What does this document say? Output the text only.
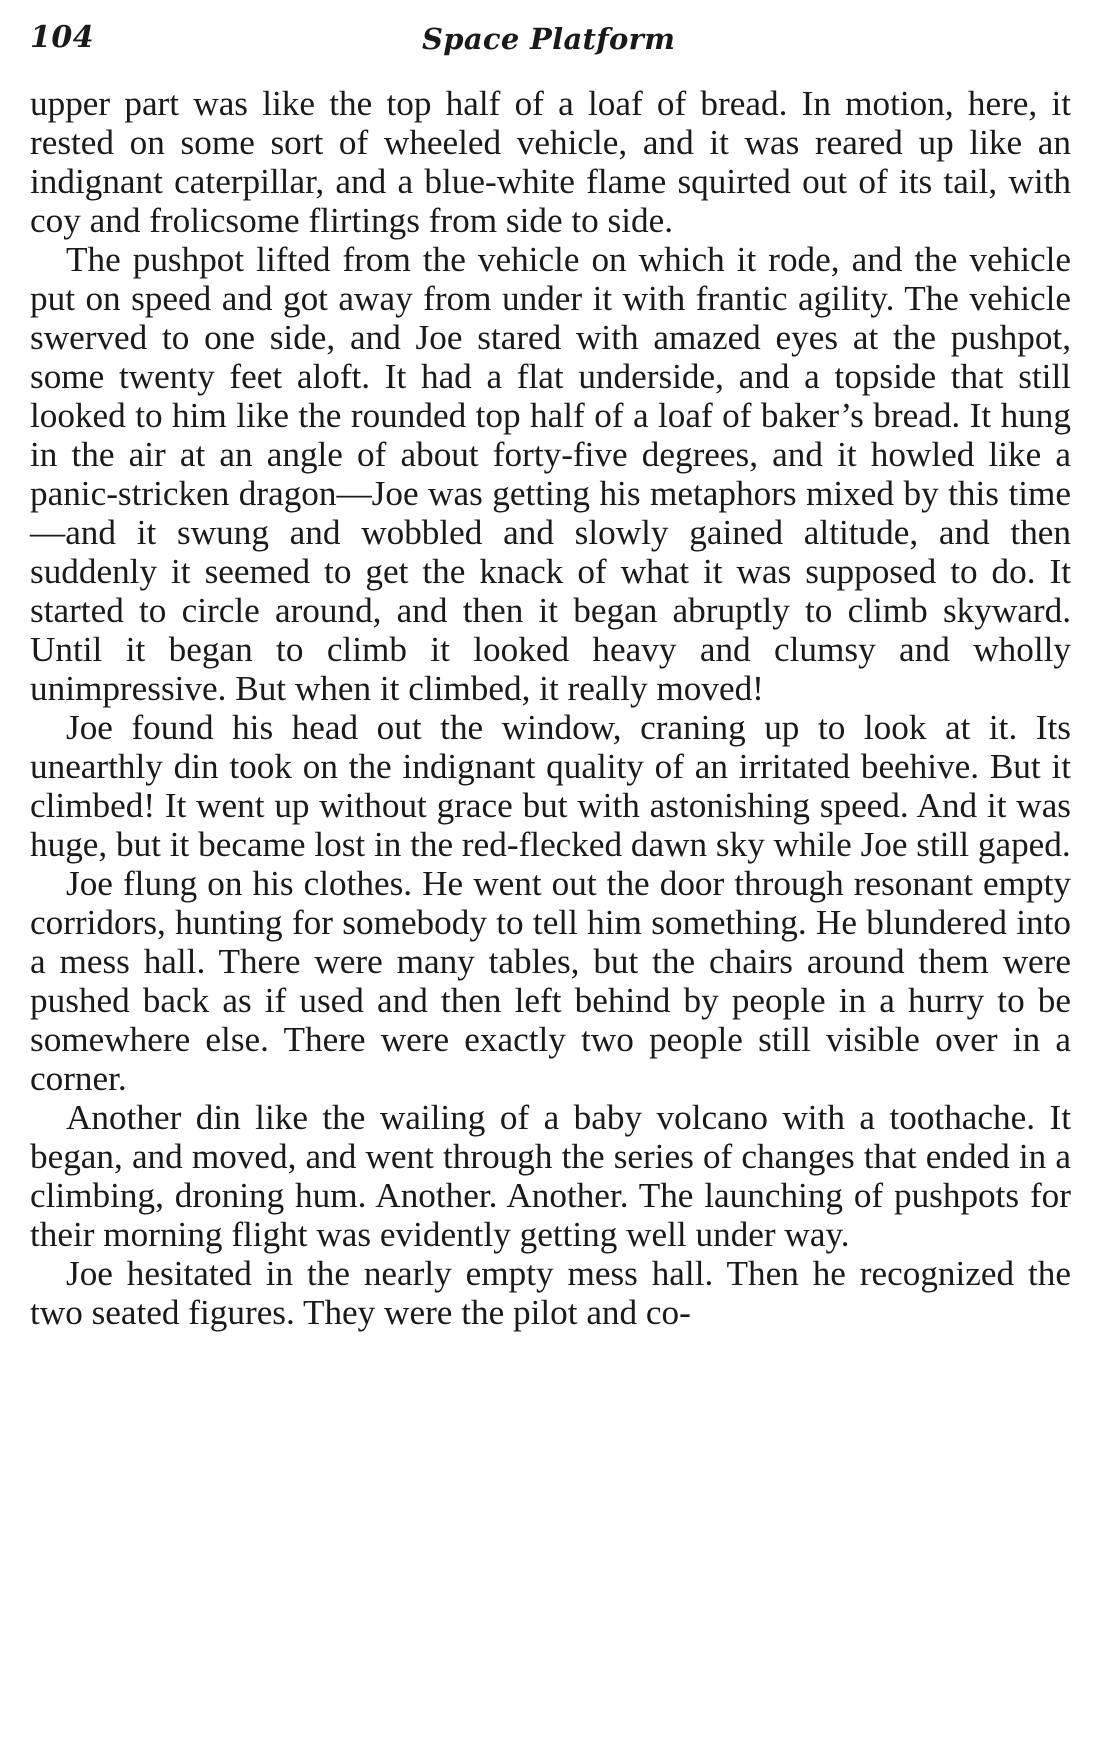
104	Space Platform

upper part was like the top half of a loaf of bread. In motion, here, it rested on some sort of wheeled vehicle, and it was reared up like an indignant caterpillar, and a blue-white flame squirted out of its tail, with coy and frolicsome flirtings from side to side.

The pushpot lifted from the vehicle on which it rode, and the vehicle put on speed and got away from under it with frantic agility. The vehicle swerved to one side, and Joe stared with amazed eyes at the pushpot, some twenty feet aloft. It had a flat underside, and a topside that still looked to him like the rounded top half of a loaf of baker’s bread. It hung in the air at an angle of about forty-five degrees, and it howled like a panic-stricken dragon—Joe was getting his metaphors mixed by this time—and it swung and wobbled and slowly gained altitude, and then suddenly it seemed to get the knack of what it was supposed to do. It started to circle around, and then it began abruptly to climb skyward. Until it began to climb it looked heavy and clumsy and wholly unimpressive. But when it climbed, it really moved!

Joe found his head out the window, craning up to look at it. Its unearthly din took on the indignant quality of an irritated beehive. But it climbed! It went up without grace but with astonishing speed. And it was huge, but it became lost in the red-flecked dawn sky while Joe still gaped.

Joe flung on his clothes. He went out the door through resonant empty corridors, hunting for somebody to tell him something. He blundered into a mess hall. There were many tables, but the chairs around them were pushed back as if used and then left behind by people in a hurry to be somewhere else. There were exactly two people still visible over in a corner.

Another din like the wailing of a baby volcano with a toothache. It began, and moved, and went through the series of changes that ended in a climbing, droning hum. Another. Another. The launching of pushpots for their morning flight was evidently getting well under way.

Joe hesitated in the nearly empty mess hall. Then he recognized the two seated figures. They were the pilot and co-
